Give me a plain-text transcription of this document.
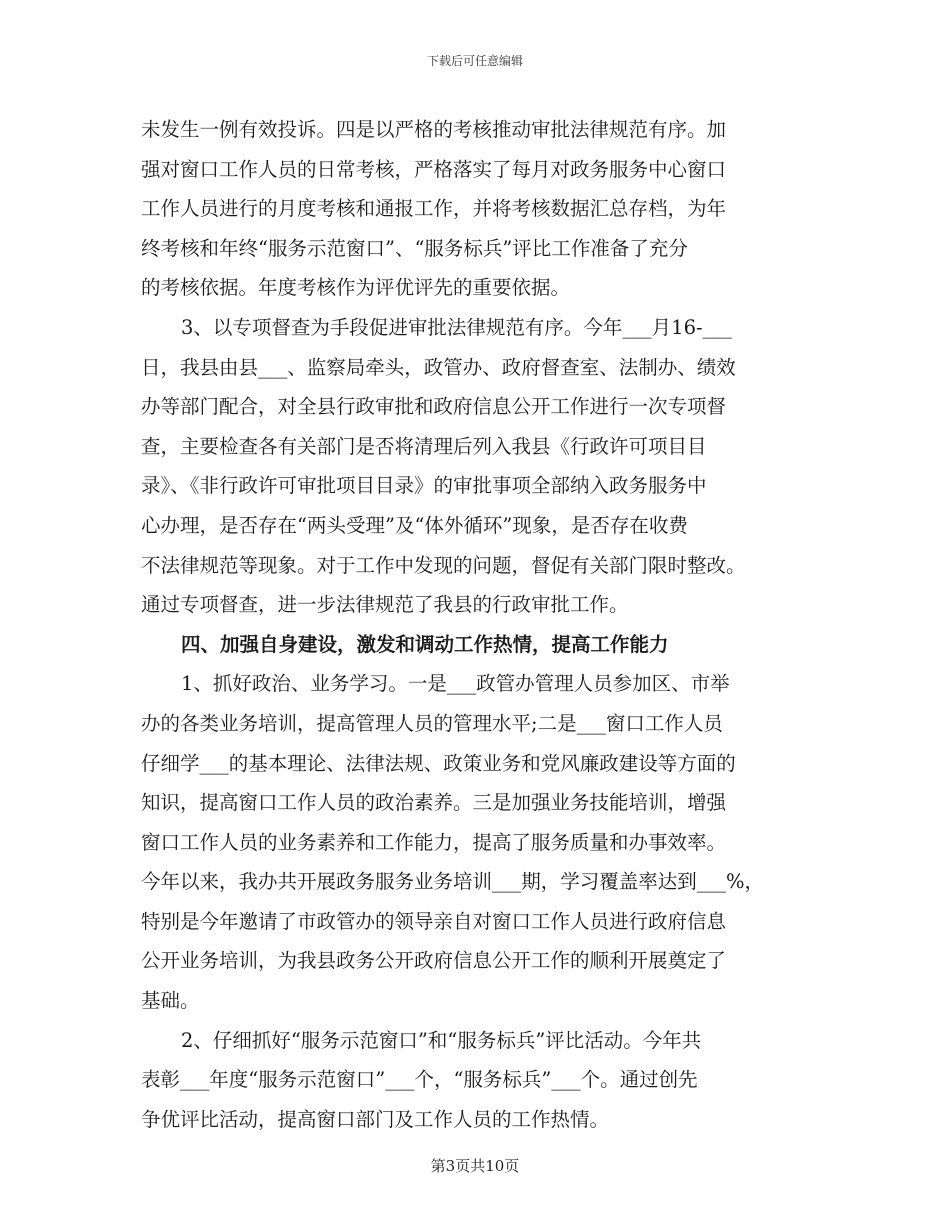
下载后可任意编辑
未发生一例有效投诉。四是以严格的考核推动审批法律规范有序。加
强对窗口工作人员的日常考核，严格落实了每月对政务服务中心窗口
工作人员进行的月度考核和通报工作，并将考核数据汇总存档，为年
终考核和年终“服务示范窗口”、“服务标兵”评比工作准备了充分
的考核依据。年度考核作为评优评先的重要依据。
3、以专项督查为手段促进审批法律规范有序。今年___月16-___
日，我县由县___、监察局牵头，政管办、政府督查室、法制办、绩效
办等部门配合，对全县行政审批和政府信息公开工作进行一次专项督
查，主要检查各有关部门是否将清理后列入我县《行政许可项目目
录》、《非行政许可审批项目目录》的审批事项全部纳入政务服务中
心办理，是否存在“两头受理”及“体外循环”现象，是否存在收费
不法律规范等现象。对于工作中发现的问题，督促有关部门限时整改。
通过专项督查，进一步法律规范了我县的行政审批工作。
四、加强自身建设，激发和调动工作热情，提高工作能力
1、抓好政治、业务学习。一是___政管办管理人员参加区、市举
办的各类业务培训，提高管理人员的管理水平;二是___窗口工作人员
仔细学___的基本理论、法律法规、政策业务和党风廉政建设等方面的
知识，提高窗口工作人员的政治素养。三是加强业务技能培训，增强
窗口工作人员的业务素养和工作能力，提高了服务质量和办事效率。
今年以来，我办共开展政务服务业务培训___期，学习覆盖率达到___%，
特别是今年邀请了市政管办的领导亲自对窗口工作人员进行政府信息
公开业务培训，为我县政务公开政府信息公开工作的顺利开展奠定了
基础。
2、仔细抓好“服务示范窗口”和“服务标兵”评比活动。今年共
表彰___年度“服务示范窗口”___个，“服务标兵”___个。通过创先
争优评比活动，提高窗口部门及工作人员的工作热情。
第3页共10页
